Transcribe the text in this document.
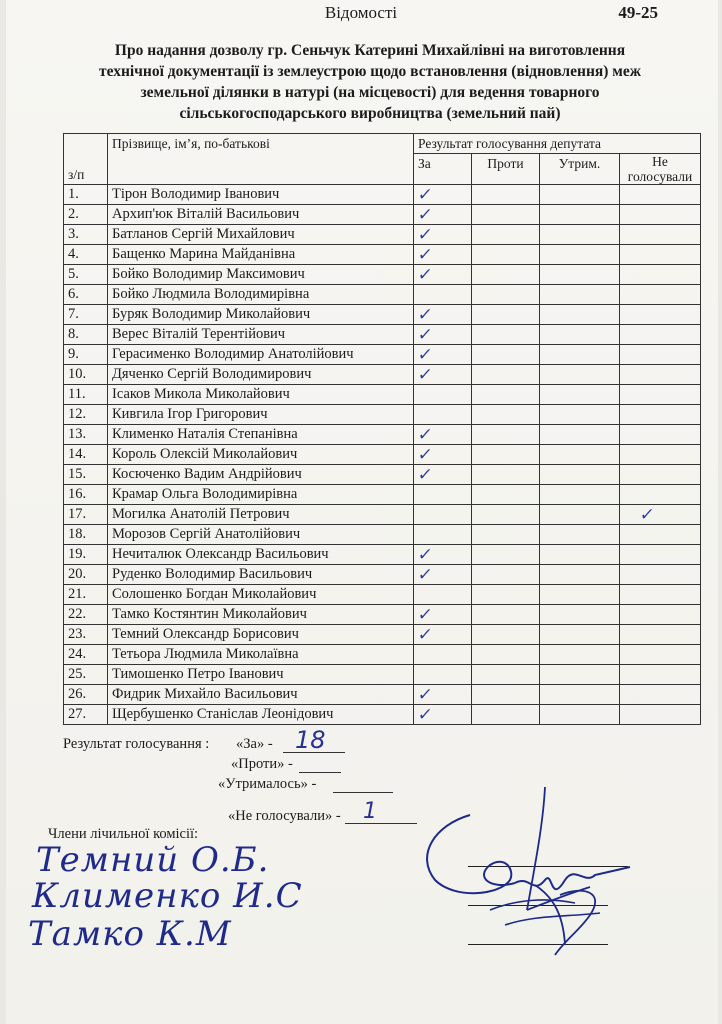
Відомості	49-25
Про надання дозволу гр. Сеньчук Катерині Михайлівні на виготовлення
технічної документації із землеустрою щодо встановлення (відновлення) меж
земельної ділянки в натурі (на місцевості) для ведення товарного
сільськогосподарського виробництва (земельний пай)
з/п	Прізвище, ім’я, по-батькові	Результат голосування депутата			
		За	Проти	Утрим.	Не
голосували

1.	Тірон Володимир Іванович	✓			
2.	Архип'юк Віталій Васильович	✓			
3.	Батланов Сергій Михайлович	✓			
4.	Бащенко Марина Майданівна	✓			
5.	Бойко Володимир Максимович	✓			
6.	Бойко Людмила Володимирівна				
7.	Буряк Володимир Миколайович	✓			
8.	Верес Віталій Терентійович	✓			
9.	Герасименко Володимир Анатолійович	✓			
10.	Дяченко Сергій Володимирович	✓			
11.	Ісаков Микола Миколайович				
12.	Кивгила Ігор Григорович				
13.	Клименко Наталія Степанівна	✓			
14.	Король Олексій Миколайович	✓			
15.	Косюченко Вадим Андрійович	✓			
16.	Крамар Ольга Володимирівна				
17.	Могилка Анатолій Петрович				✓
18.	Морозов Сергій Анатолійович				
19.	Нечиталюк Олександр Васильович	✓			
20.	Руденко Володимир Васильович	✓			
21.	Солошенко Богдан Миколайович				
22.	Тамко Костянтин Миколайович	✓			
23.	Темний Олександр Борисович	✓			
24.	Тетьора Людмила Миколаївна				
25.	Тимошенко Петро Іванович				
26.	Фидрик Михайло Васильович	✓			
27.	Щербушенко Станіслав Леонідович	✓			
Результат голосування : «За» - 18
«Проти» -
«Утрималось» -
«Не голосували» - 1
Члени лічильної комісії:
Темний О.Б.
Клименко И.С
Тамко К.М
